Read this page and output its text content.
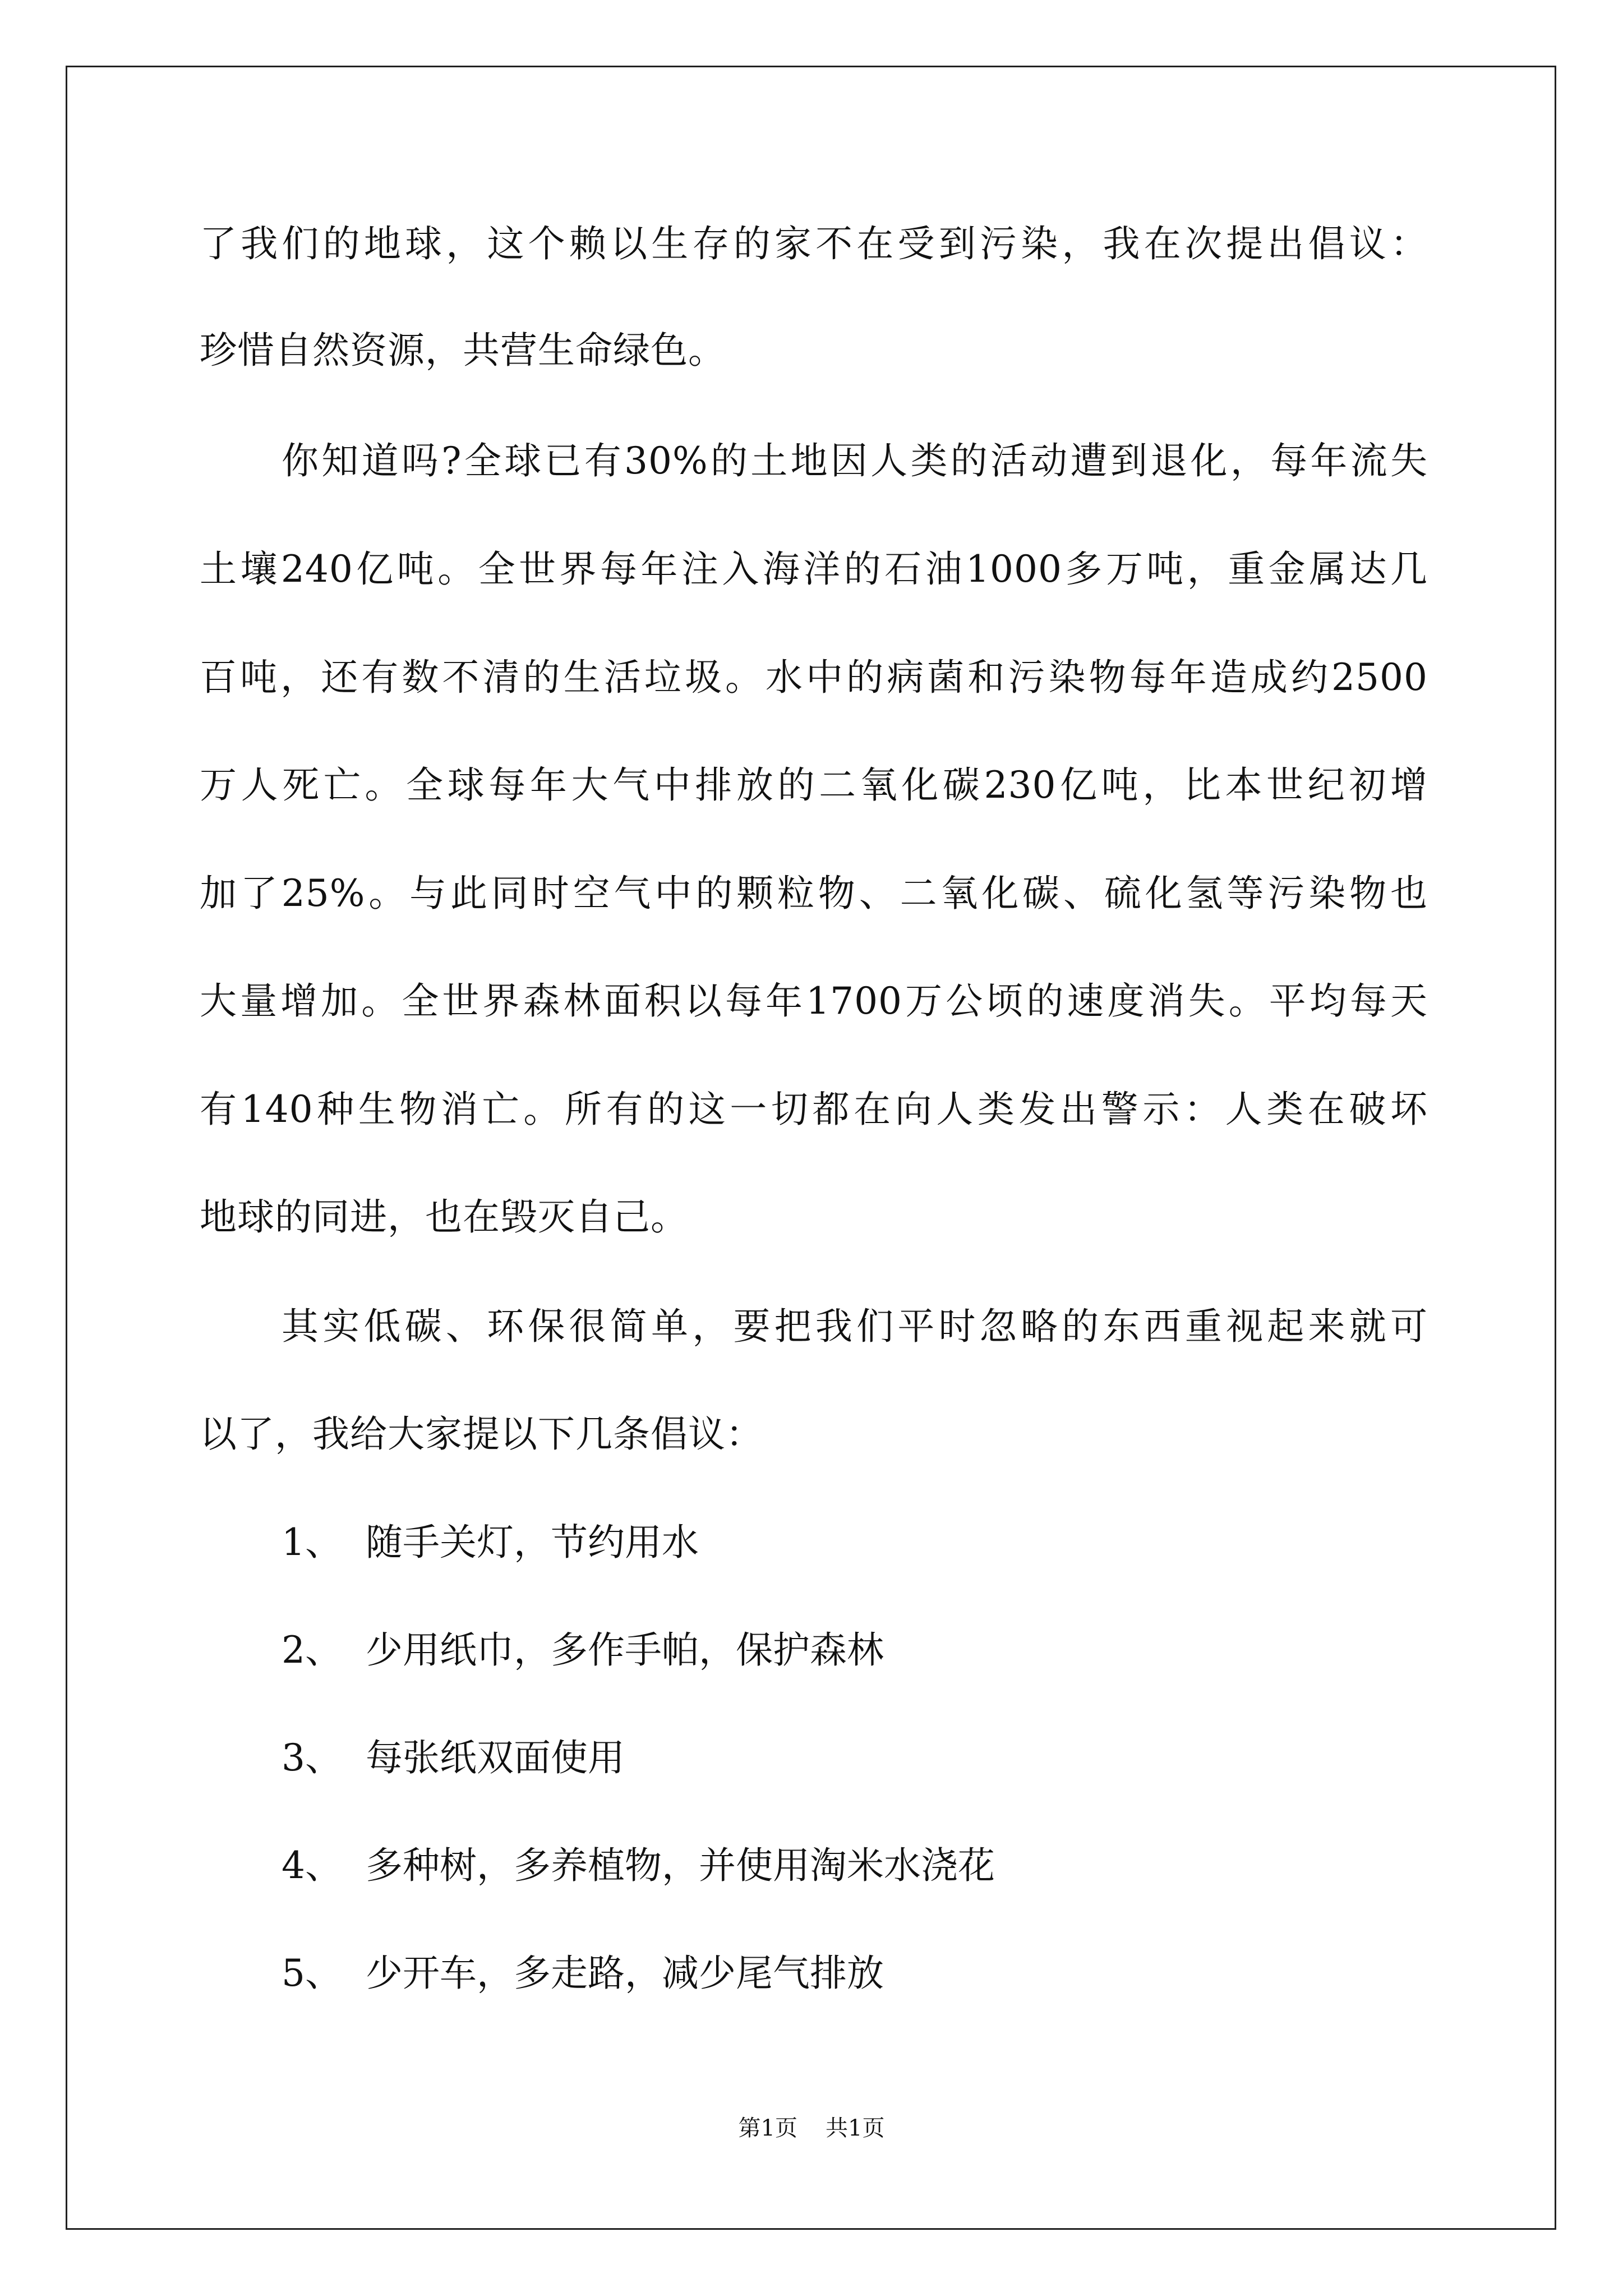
了我们的地球，这个赖以生存的家不在受到污染，我在次提出倡议：
珍惜自然资源，共营生命绿色。
你知道吗?全球已有30%的土地因人类的活动遭到退化，每年流失
土壤240亿吨。全世界每年注入海洋的石油1000多万吨，重金属达几
百吨，还有数不清的生活垃圾。水中的病菌和污染物每年造成约2500
万人死亡。全球每年大气中排放的二氧化碳230亿吨，比本世纪初增
加了25%。与此同时空气中的颗粒物、二氧化碳、硫化氢等污染物也
大量增加。全世界森林面积以每年1700万公顷的速度消失。平均每天
有140种生物消亡。所有的这一切都在向人类发出警示：人类在破坏
地球的同进，也在毁灭自己。
其实低碳、环保很简单，要把我们平时忽略的东西重视起来就可
以了，我给大家提以下几条倡议：
1、 随手关灯，节约用水
2、 少用纸巾，多作手帕，保护森林
3、 每张纸双面使用
4、 多种树，多养植物，并使用淘米水浇花
5、 少开车，多走路，减少尾气排放
第1页 共1页
